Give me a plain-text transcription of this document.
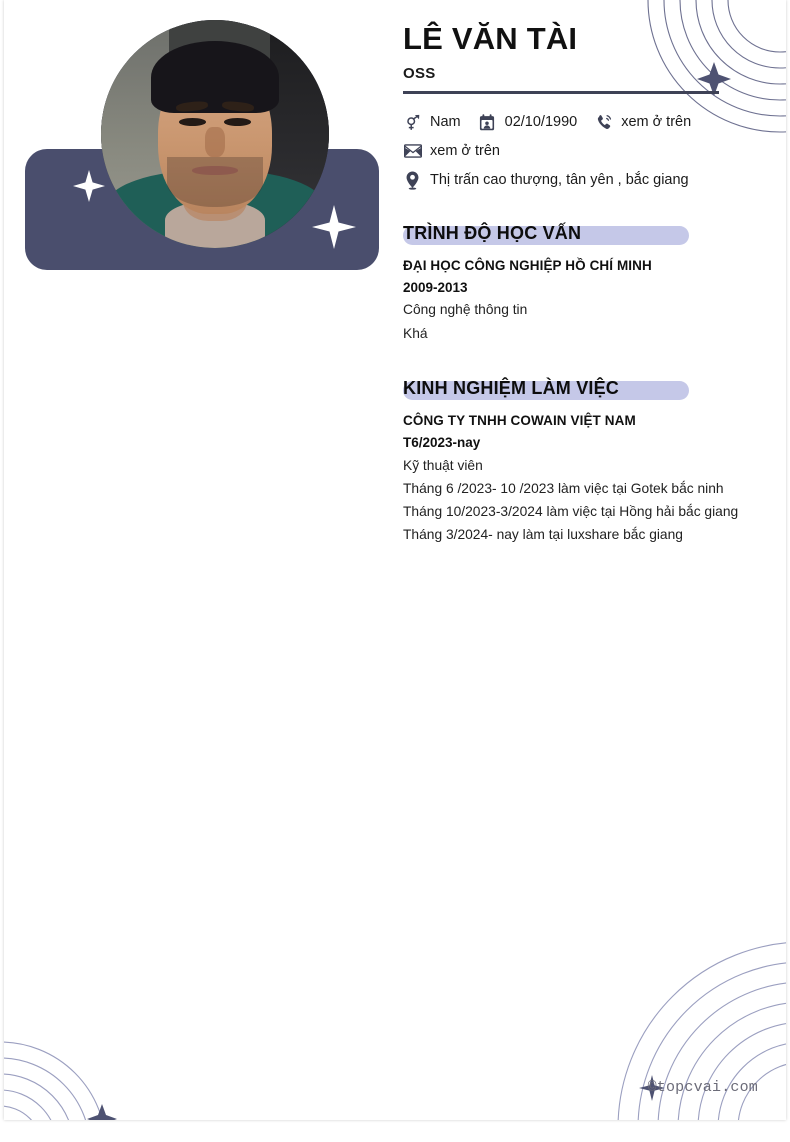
LÊ VĂN TÀI
OSS
Nam	02/10/1990	xem ở trên
xem ở trên
Thị trấn cao thượng, tân yên , bắc giang
TRÌNH ĐỘ HỌC VẤN
ĐẠI HỌC CÔNG NGHIỆP HỒ CHÍ MINH
2009-2013
Công nghệ thông tin
Khá
KINH NGHIỆM LÀM VIỆC
CÔNG TY TNHH COWAIN VIỆT NAM
T6/2023-nay
Kỹ thuật viên
Tháng 6 /2023- 10 /2023 làm việc tại Gotek bắc ninh
Tháng 10/2023-3/2024 làm việc tại Hồng hải bắc giang
Tháng 3/2024- nay làm tại luxshare bắc giang
©topcvai.com
